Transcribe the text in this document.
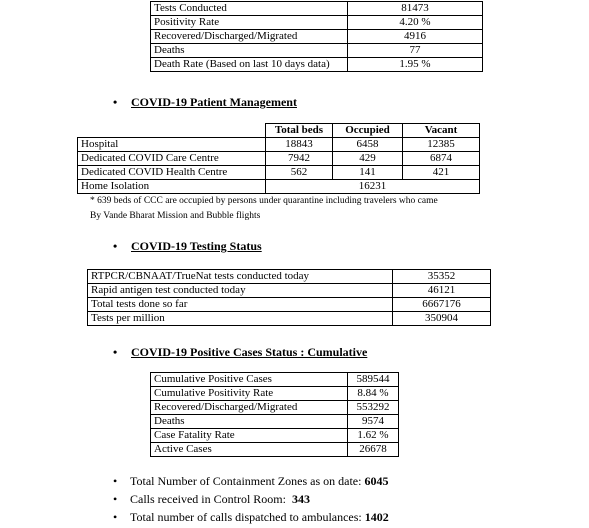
Tests Conducted	81473
Positivity Rate	4.20 %
Recovered/Discharged/Migrated	4916
Deaths	77
Death Rate (Based on last 10 days data)	1.95 %
• COVID-19 Patient Management
	Total beds	Occupied	Vacant
Hospital	18843	6458	12385
Dedicated COVID Care Centre	7942	429	6874
Dedicated COVID Health Centre	562	141	421
Home Isolation	16231		
* 639 beds of CCC are occupied by persons under quarantine including travelers who came
By Vande Bharat Mission and Bubble flights
• COVID-19 Testing Status
RTPCR/CBNAAT/TrueNat tests conducted today	35352
Rapid antigen test conducted today	46121
Total tests done so far	6667176
Tests per million	350904
• COVID-19 Positive Cases Status : Cumulative
Cumulative Positive Cases	589544
Cumulative Positivity Rate	8.84 %
Recovered/Discharged/Migrated	553292
Deaths	9574
Case Fatality Rate	1.62 %
Active Cases	26678
• Total Number of Containment Zones as on date: 6045
• Calls received in Control Room:  343
• Total number of calls dispatched to ambulances: 1402
